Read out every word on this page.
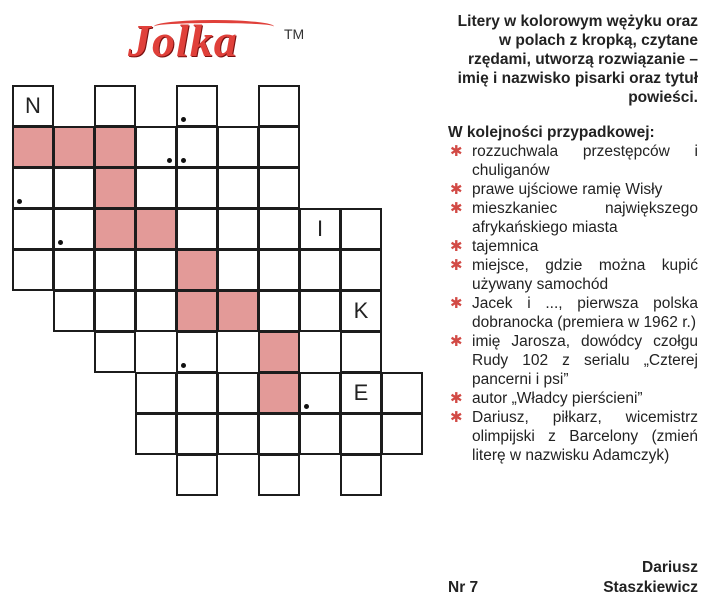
Jolka	TM
N
I
K
E

Litery w kolorowym wężyku oraz w polach z kropką, czytane rzędami, utworzą rozwiązanie – imię i nazwisko pisarki oraz tytuł powieści.

W kolejności przypadkowej:

✱ rozzuchwala przestępców i chuliganów
✱ prawe ujściowe ramię Wisły
✱ mieszkaniec największego afrykańskiego miasta
✱ tajemnica
✱ miejsce, gdzie można kupić używany samochód
✱ Jacek i ..., pierwsza polska dobranocka (premiera w 1962 r.)
✱ imię Jarosza, dowódcy czołgu Rudy 102 z serialu „Czterej pancerni i psi”
✱ autor „Władcy pierścieni”
✱ Dariusz, piłkarz, wicemistrz olimpijski z Barcelony (zmień literę w nazwisku Adamczyk)
Dariusz
Nr 7	Staszkiewicz
